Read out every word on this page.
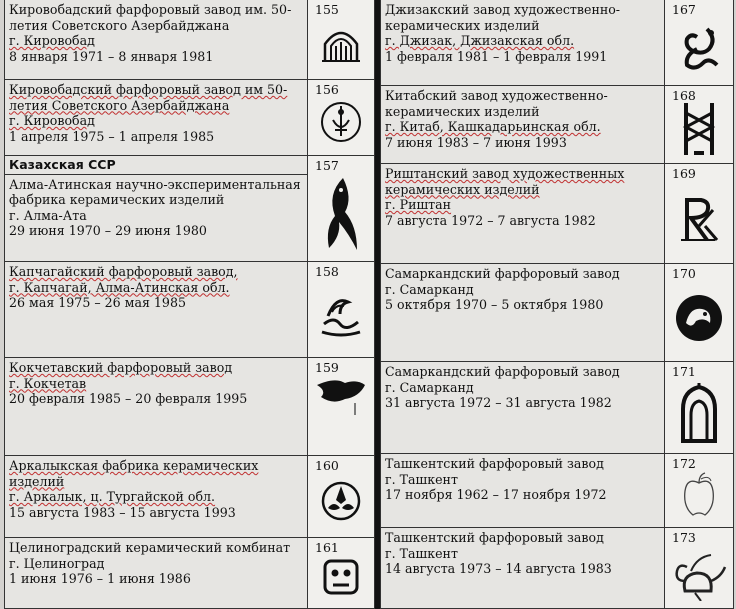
Кировобадский фарфоровый завод им. 50-летия Советского Азербайджана
г. Кировобад
8 января 1971 – 8 января 1981
155
Кировобадский фарфоровый завод им 50-летия Советского Азербайджана
г. Кировобад
1 апреля 1975 – 1 апреля 1985
156
Казахская ССР
Алма-Атинская научно-экспериментальная фабрика керамических изделий
г. Алма-Ата
29 июня 1970 – 29 июня 1980
157
Капчагайский фарфоровый завод,
г. Капчагай, Алма-Атинская обл.
26 мая 1975 – 26 мая 1985
158
Кокчетавский фарфоровый завод
г. Кокчетав
20 февраля 1985 – 20 февраля 1995
159
Аркалыкская фабрика керамических изделий
г. Аркалык, ц. Тургайской обл.
15 августа 1983 – 15 августа 1993
160
Целиноградский керамический комбинат
г. Целиноград
1 июня 1976 – 1 июня 1986
161
Джизакский завод художественно-керамических изделий
г. Джизак, Джизакская обл.
1 февраля 1981 – 1 февраля 1991
167
Китабский завод художественно-керамических изделий
г. Китаб, Кашкадарьинская обл.
7 июня 1983 – 7 июня 1993
168
Риштанский завод художественных керамических изделий
г. Риштан
7 августа 1972 – 7 августа 1982
169
Самаркандский фарфоровый завод
г. Самарканд
5 октября 1970 – 5 октября 1980
170
Самаркандский фарфоровый завод
г. Самарканд
31 августа 1972 – 31 августа 1982
171
Ташкентский фарфоровый завод
г. Ташкент
17 ноября 1962 – 17 ноября 1972
172
Ташкентский фарфоровый завод
г. Ташкент
14 августа 1973 – 14 августа 1983
173
